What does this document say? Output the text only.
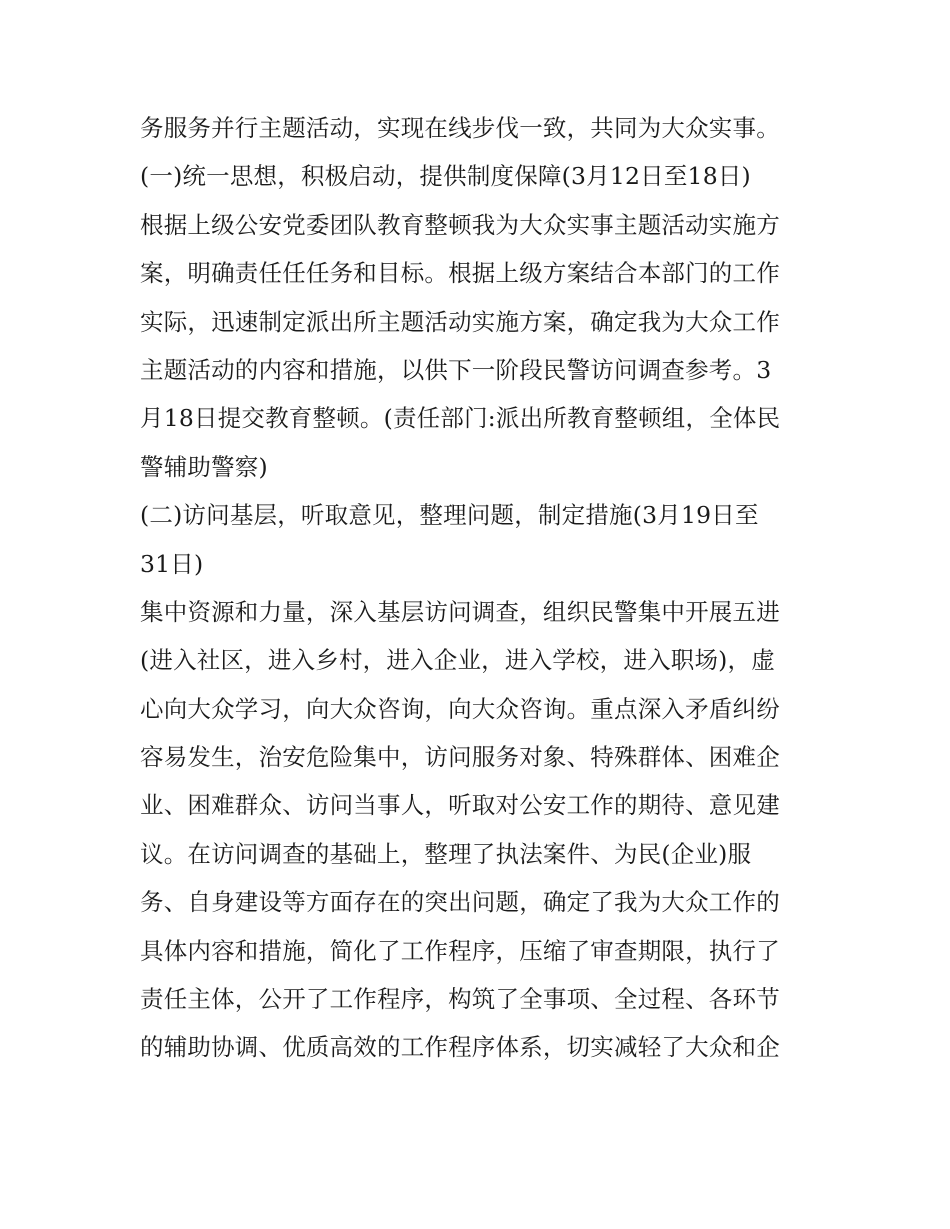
务服务并行主题活动，实现在线步伐一致，共同为大众实事。
(一)统一思想，积极启动，提供制度保障(3月12日至18日)
根据上级公安党委团队教育整顿我为大众实事主题活动实施方
案，明确责任任任务和目标。根据上级方案结合本部门的工作
实际，迅速制定派出所主题活动实施方案，确定我为大众工作
主题活动的内容和措施，以供下一阶段民警访问调查参考。3
月18日提交教育整顿。(责任部门:派出所教育整顿组，全体民
警辅助警察)
(二)访问基层，听取意见，整理问题，制定措施(3月19日至
31日)
集中资源和力量，深入基层访问调查，组织民警集中开展五进
(进入社区，进入乡村，进入企业，进入学校，进入职场)，虚
心向大众学习，向大众咨询，向大众咨询。重点深入矛盾纠纷
容易发生，治安危险集中，访问服务对象、特殊群体、困难企
业、困难群众、访问当事人，听取对公安工作的期待、意见建
议。在访问调查的基础上，整理了执法案件、为民(企业)服
务、自身建设等方面存在的突出问题，确定了我为大众工作的
具体内容和措施，简化了工作程序，压缩了审查期限，执行了
责任主体，公开了工作程序，构筑了全事项、全过程、各环节
的辅助协调、优质高效的工作程序体系，切实减轻了大众和企
